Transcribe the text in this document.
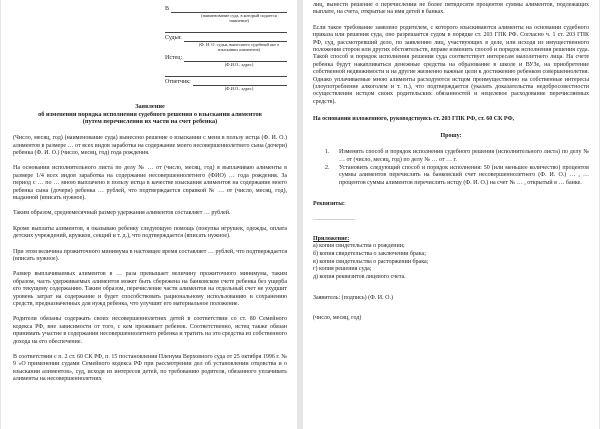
В
(наименование суда, в который подается заявление)
Судья:
(Ф. И. О. судьи, вынесшего судебный акт о взыскании алиментов)
Истец:
(Ф.И.О., адрес)
Ответчик:
(Ф.И.О., адрес)
Заявление
об изменении порядка исполнения судебного решения о взыскании алиментов
(путем перечисления их части на счет ребенка)
(Число, месяц, год) (наименование суда) вынесено решение о взыскании с меня в пользу истца (Ф. И. О.) алиментов в размере … от всех видов заработка на содержание моего несовершеннолетнего сына (дочери) ребенка (Ф. И. О.) (число, месяц, год) года рождения.
На основании исполнительного листа по делу № … от (число, месяц, год) я выплачиваю алименты в размере 1/4 всех видов заработка на содержание несовершеннолетнего (ФИО) … года рождения. За период с … по … мною выплачено в пользу истца в качестве взыскания алиментов на содержание моего ребенка сына (дочери) ребенка … рублей, что подтверждается справкой № … от (число, месяц, год), выданной (вписать нужное).
Таким образом, среднемесячный размер удержания алиментов составляет … рублей.
Кроме выплаты алиментов, я оказываю ребенку следующую помощь (покупка игрушек, одежды, оплата детских учреждений, кружков, секций и т. д.), что подтверждается (вписать нужное).
При этом величина прожиточного минимума в настоящее время составляет … рублей, что подтверждается (вписать нужное).
Размер выплачиваемых алиментов в … раза превышает величину прожиточного минимума, таким образом, часть удерживаемых алиментов может быть сбережена на банковском счете ребенка без ущерба его текущему содержанию. Таким образом, перечисление части алиментов на отдельный счет не ухудшит уровень затрат на содержание и будет способствовать рациональному использованию и сохранению средств, предназначенных для нужд ребенка, что улучшит его материальное положение.
Родители обязаны содержать своих несовершеннолетних детей в соответствии со ст. 80 Семейного кодекса РФ, вне зависимости от того, с кем проживает ребенок. Соответственно, истец также обязан принимать участие в содержании несовершеннолетнего ребенка и тратить на это средства из собственного дохода на его обеспечение.
В соответствии с п. 2 ст. 60 СК РФ, п. 15 постановления Пленума Верховного суда от 25 октября 1996 г. № 9 «О применении судами Семейного кодекса РФ при рассмотрении дел об установлении отцовства и о взыскании алиментов», суд, исходя из интересов детей, по требованию родителя, обязанного уплачивать алименты на несовершеннолетних
лиц, вынести решение о перечислении не более пятидесяти процентов суммы алиментов, подлежащих выплате, на счета, открытые на имя детей в банках.
Если такое требование заявлено родителем, с которого взыскиваются алименты на основании судебного приказа или решения суда, оно разрешается судом в порядке ст. 203 ГПК РФ. Согласно ч. 1 ст. 203 ГПК РФ, суд, рассмотревший дело, по заявлению лиц, участвующих в деле, или исходя из имущественного положения сторон или других обстоятельств, вправе изменить способ и порядок исполнения решения суда. Такой способ и порядок исполнения решения суда соответствует интересам малолетнего лица. На счете ребенка будут накапливаться денежные средства на образование в школе и ВУЗе, на приобретение собственной недвижимости и на другие жизненно важные цели к достижению ребенком совершеннолетия. Однако уплачиваемые мною алименты расходуются истцом преимущественно на собственные интересы (злоупотребление алкоголем и т. п.), что подтверждается (указать доказательства недобросовестности осуществления истцом своих родительских обязанностей и нецелевое расходование перечисляемых средств).
На основании изложенного, руководствуясь ст. 203 ГПК РФ, ст. 60 СК РФ,
Прошу:
1.	Изменить способ и порядок исполнения судебного решения (исполнительного листа) по делу № … от (число, месяц, год) по делу № … от … г.
2.	Установить следующий способ и порядок исполнения: 50 (или меньшее количество) процентов суммы алиментов перечислять на банковский счет несовершеннолетнего (Ф. И. О.) … , … процентов суммы алиментов перечислять истцу (Ф. И. О.) на счет № … , открытый в … банке.
Реквизиты:
…………………
Приложение:
а) копия свидетельства о рождении;
б) копия свидетельства о заключении брака;
в) копия свидетельства о расторжении брака;
г) копия решения суда;
д) копия реквизитов лицевого счета.
Заявитель: (подпись) (Ф. И. О.)
(число, месяц, год)
